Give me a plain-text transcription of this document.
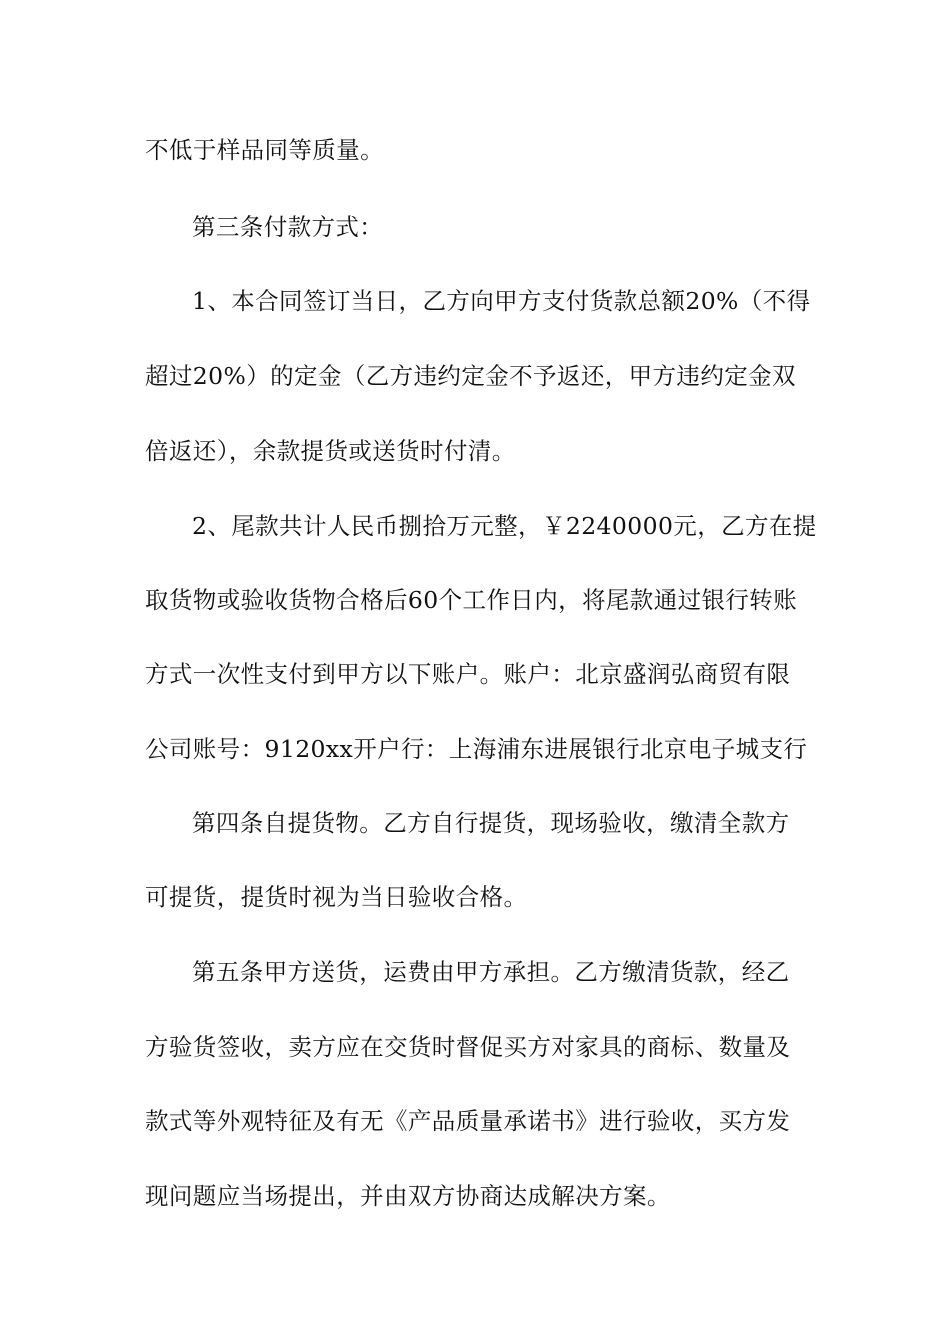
不低于样品同等质量。
第三条付款方式：
1、本合同签订当日，乙方向甲方支付货款总额20%（不得
超过20%）的定金（乙方违约定金不予返还，甲方违约定金双
倍返还），余款提货或送货时付清。
2、尾款共计人民币捌拾万元整，￥2240000元，乙方在提
取货物或验收货物合格后60个工作日内，将尾款通过银行转账
方式一次性支付到甲方以下账户。账户：北京盛润弘商贸有限
公司账号：9120xx开户行：上海浦东进展银行北京电子城支行
第四条自提货物。乙方自行提货，现场验收，缴清全款方
可提货，提货时视为当日验收合格。
第五条甲方送货，运费由甲方承担。乙方缴清货款，经乙
方验货签收，卖方应在交货时督促买方对家具的商标、数量及
款式等外观特征及有无《产品质量承诺书》进行验收，买方发
现问题应当场提出，并由双方协商达成解决方案。
